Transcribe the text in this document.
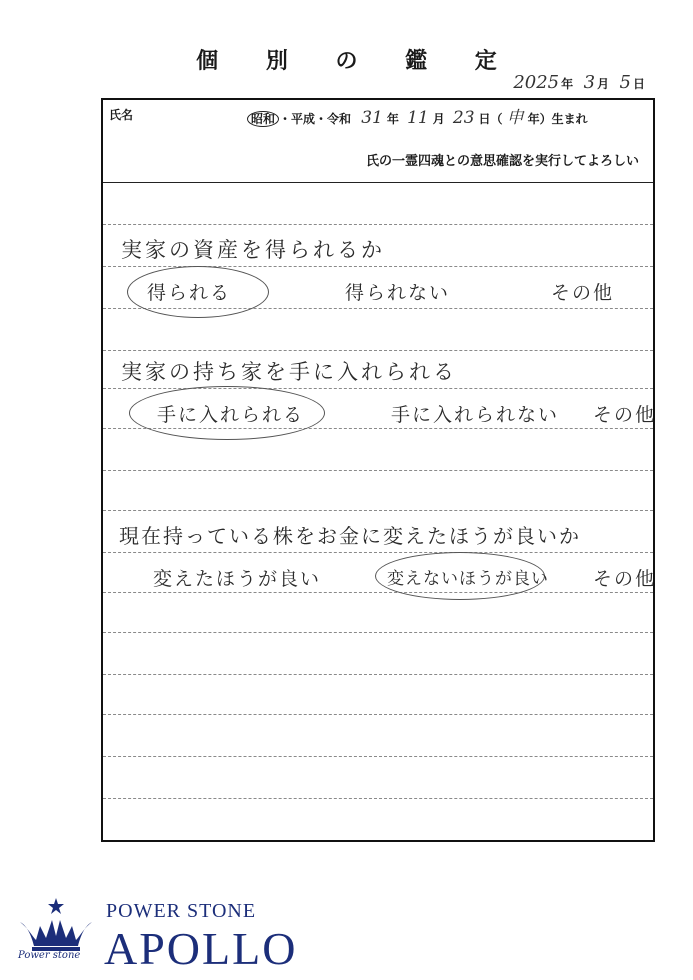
個 別 の 鑑 定
2025 年 3 月 5 日
氏名	昭和 ・平成・令和 31 年 11 月 23 日（ 申 年）生まれ
氏の一霊四魂との意思確認を実行してよろしい
実家の資産を得られるか
得られる	得られない	その他
実家の持ち家を手に入れられる
手に入れられる	手に入れられない その他
現在持っている株をお金に変えたほうが良いか
変えたほうが良い	変えないほうが良い その他
POWER STONE
APOLLO
Power stone
